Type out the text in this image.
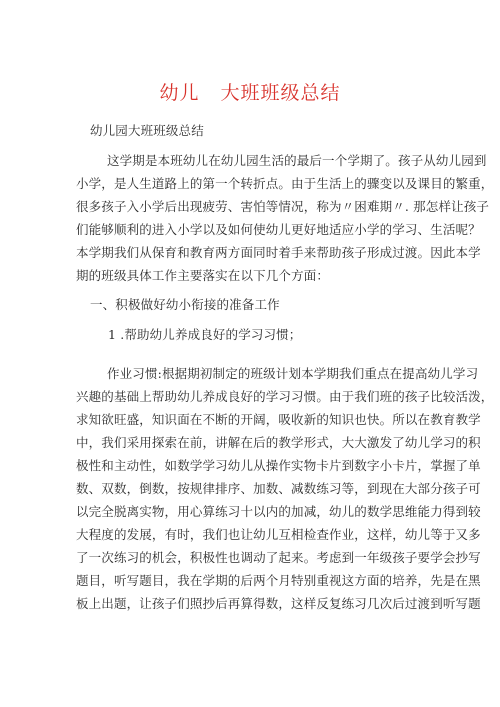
幼儿   大班班级总结

幼儿园大班班级总结

这学期是本班幼儿在幼儿园生活的最后一个学期了。孩子从幼儿园到

小学，是人生道路上的第一个转折点。由于生活上的骤变以及课目的繁重，

很多孩子入小学后出现疲劳、害怕等情况，称为〃困难期〃. 那怎样让孩子

们能够顺利的进入小学以及如何使幼儿更好地适应小学的学习、生活呢？

本学期我们从保育和教育两方面同时着手来帮助孩子形成过渡。因此本学

期的班级具体工作主要落实在以下几个方面：

一、积极做好幼小衔接的准备工作

1 .帮助幼儿养成良好的学习习惯；

作业习惯:根据期初制定的班级计划本学期我们重点在提高幼儿学习

兴趣的基础上帮助幼儿养成良好的学习习惯。由于我们班的孩子比较活泼，

求知欲旺盛，知识面在不断的开阔，吸收新的知识也快。所以在教育教学

中，我们采用探索在前，讲解在后的教学形式，大大激发了幼儿学习的积

极性和主动性，如数学学习幼儿从操作实物卡片到数字小卡片，掌握了单

数、双数，倒数，按规律排序、加数、减数练习等，到现在大部分孩子可

以完全脱离实物，用心算练习十以内的加减，幼儿的数学思维能力得到较

大程度的发展，有时，我们也让幼儿互相检查作业，这样，幼儿等于又多

了一次练习的机会，积极性也调动了起来。考虑到一年级孩子要学会抄写

题目，听写题目，我在学期的后两个月特别重视这方面的培养，先是在黑

板上出题，让孩子们照抄后再算得数，这样反复练习几次后过渡到听写题
